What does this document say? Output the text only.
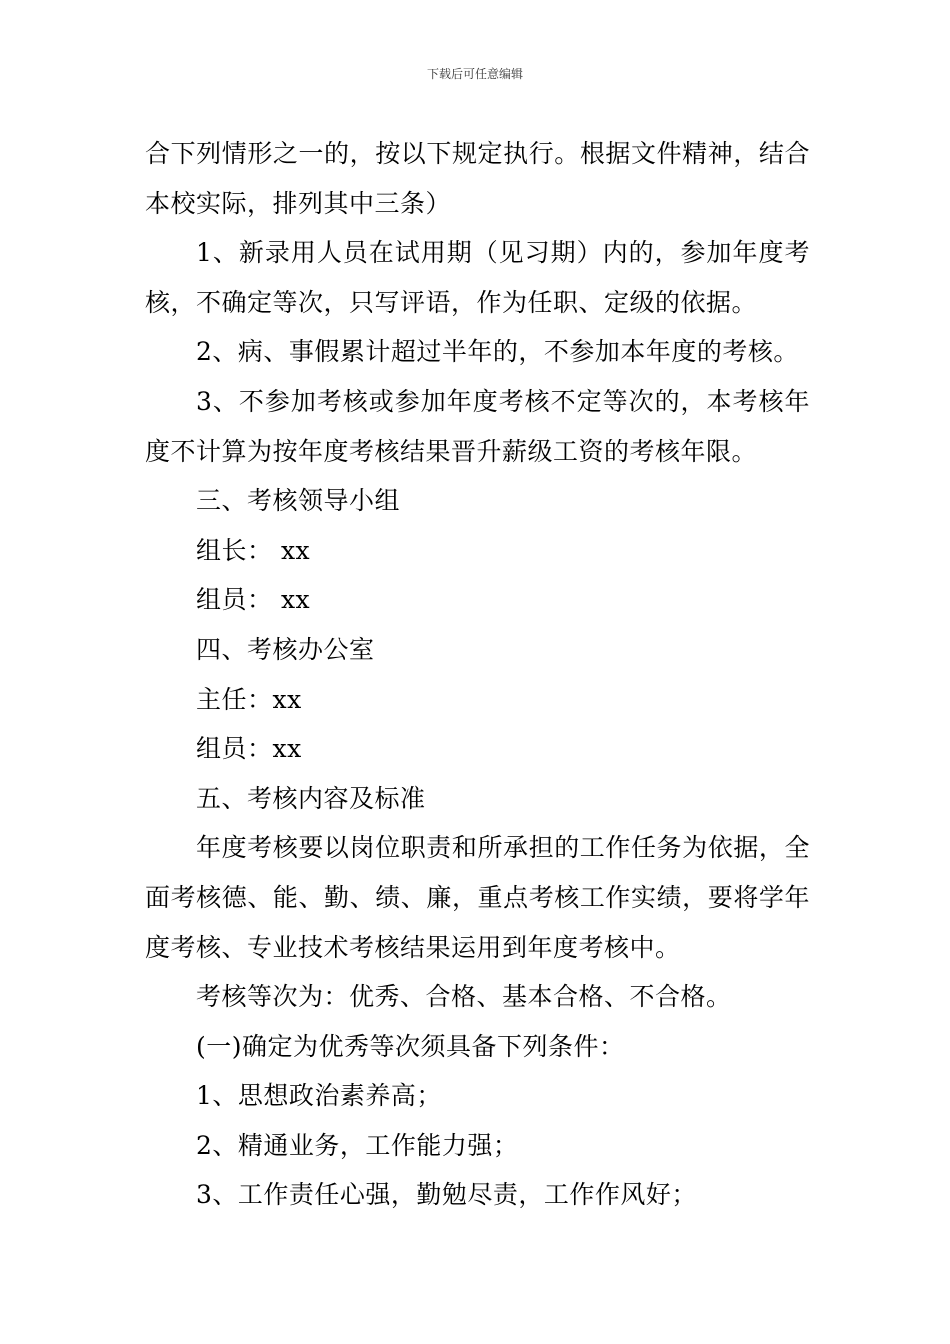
下载后可任意编辑

合下列情形之一的，按以下规定执行。根据文件精神，结合本校实际，排列其中三条）

1、新录用人员在试用期（见习期）内的，参加年度考核，不确定等次，只写评语，作为任职、定级的依据。

2、病、事假累计超过半年的，不参加本年度的考核。

3、不参加考核或参加年度考核不定等次的，本考核年度不计算为按年度考核结果晋升薪级工资的考核年限。

三、考核领导小组

组长： xx

组员： xx

四、考核办公室

主任：xx

组员：xx

五、考核内容及标准

年度考核要以岗位职责和所承担的工作任务为依据，全面考核德、能、勤、绩、廉，重点考核工作实绩，要将学年度考核、专业技术考核结果运用到年度考核中。

考核等次为：优秀、合格、基本合格、不合格。

(一)确定为优秀等次须具备下列条件：

1、思想政治素养高；

2、精通业务，工作能力强；

3、工作责任心强，勤勉尽责，工作作风好；
